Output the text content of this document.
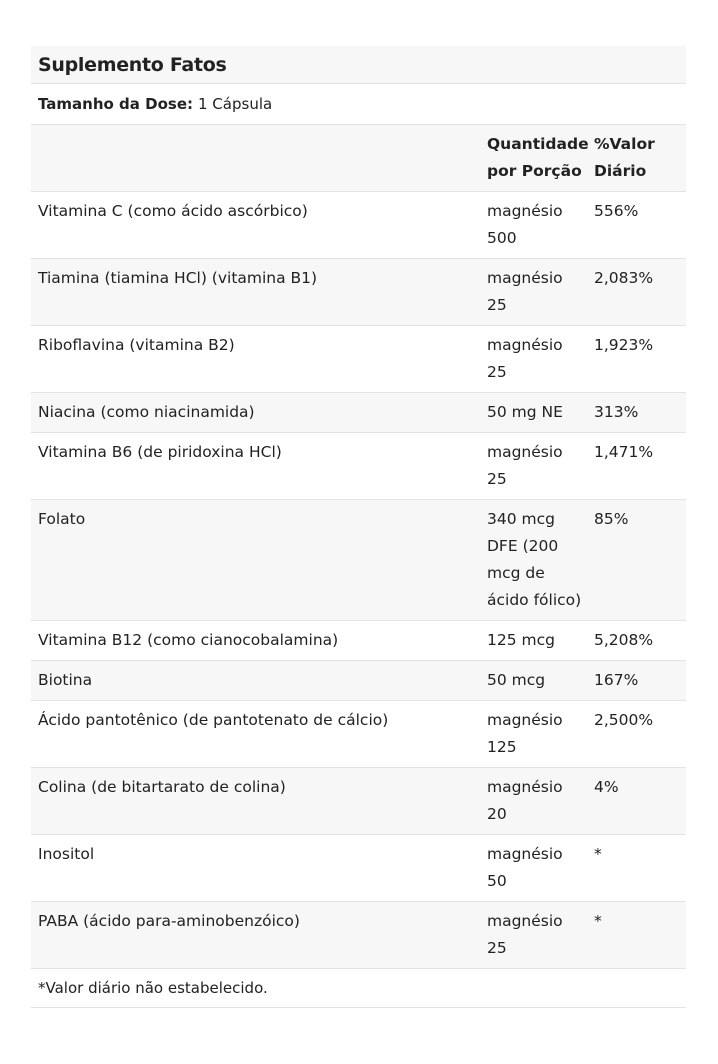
Suplemento Fatos
Tamanho da Dose: 1 Cápsula
	Quantidade por Porção	%Valor Diário
Vitamina C (como ácido ascórbico)	magnésio 500	556%
Tiamina (tiamina HCl) (vitamina B1)	magnésio 25	2,083%
Riboflavina (vitamina B2)	magnésio 25	1,923%
Niacina (como niacinamida)	50 mg NE	313%
Vitamina B6 (de piridoxina HCl)	magnésio 25	1,471%
Folato	340 mcg DFE (200 mcg de ácido fólico)	85%
Vitamina B12 (como cianocobalamina)	125 mcg	5,208%
Biotina	50 mcg	167%
Ácido pantotênico (de pantotenato de cálcio)	magnésio 125	2,500%
Colina (de bitartarato de colina)	magnésio 20	4%
Inositol	magnésio 50	*
PABA (ácido para-aminobenzóico)	magnésio 25	*
*Valor diário não estabelecido.
